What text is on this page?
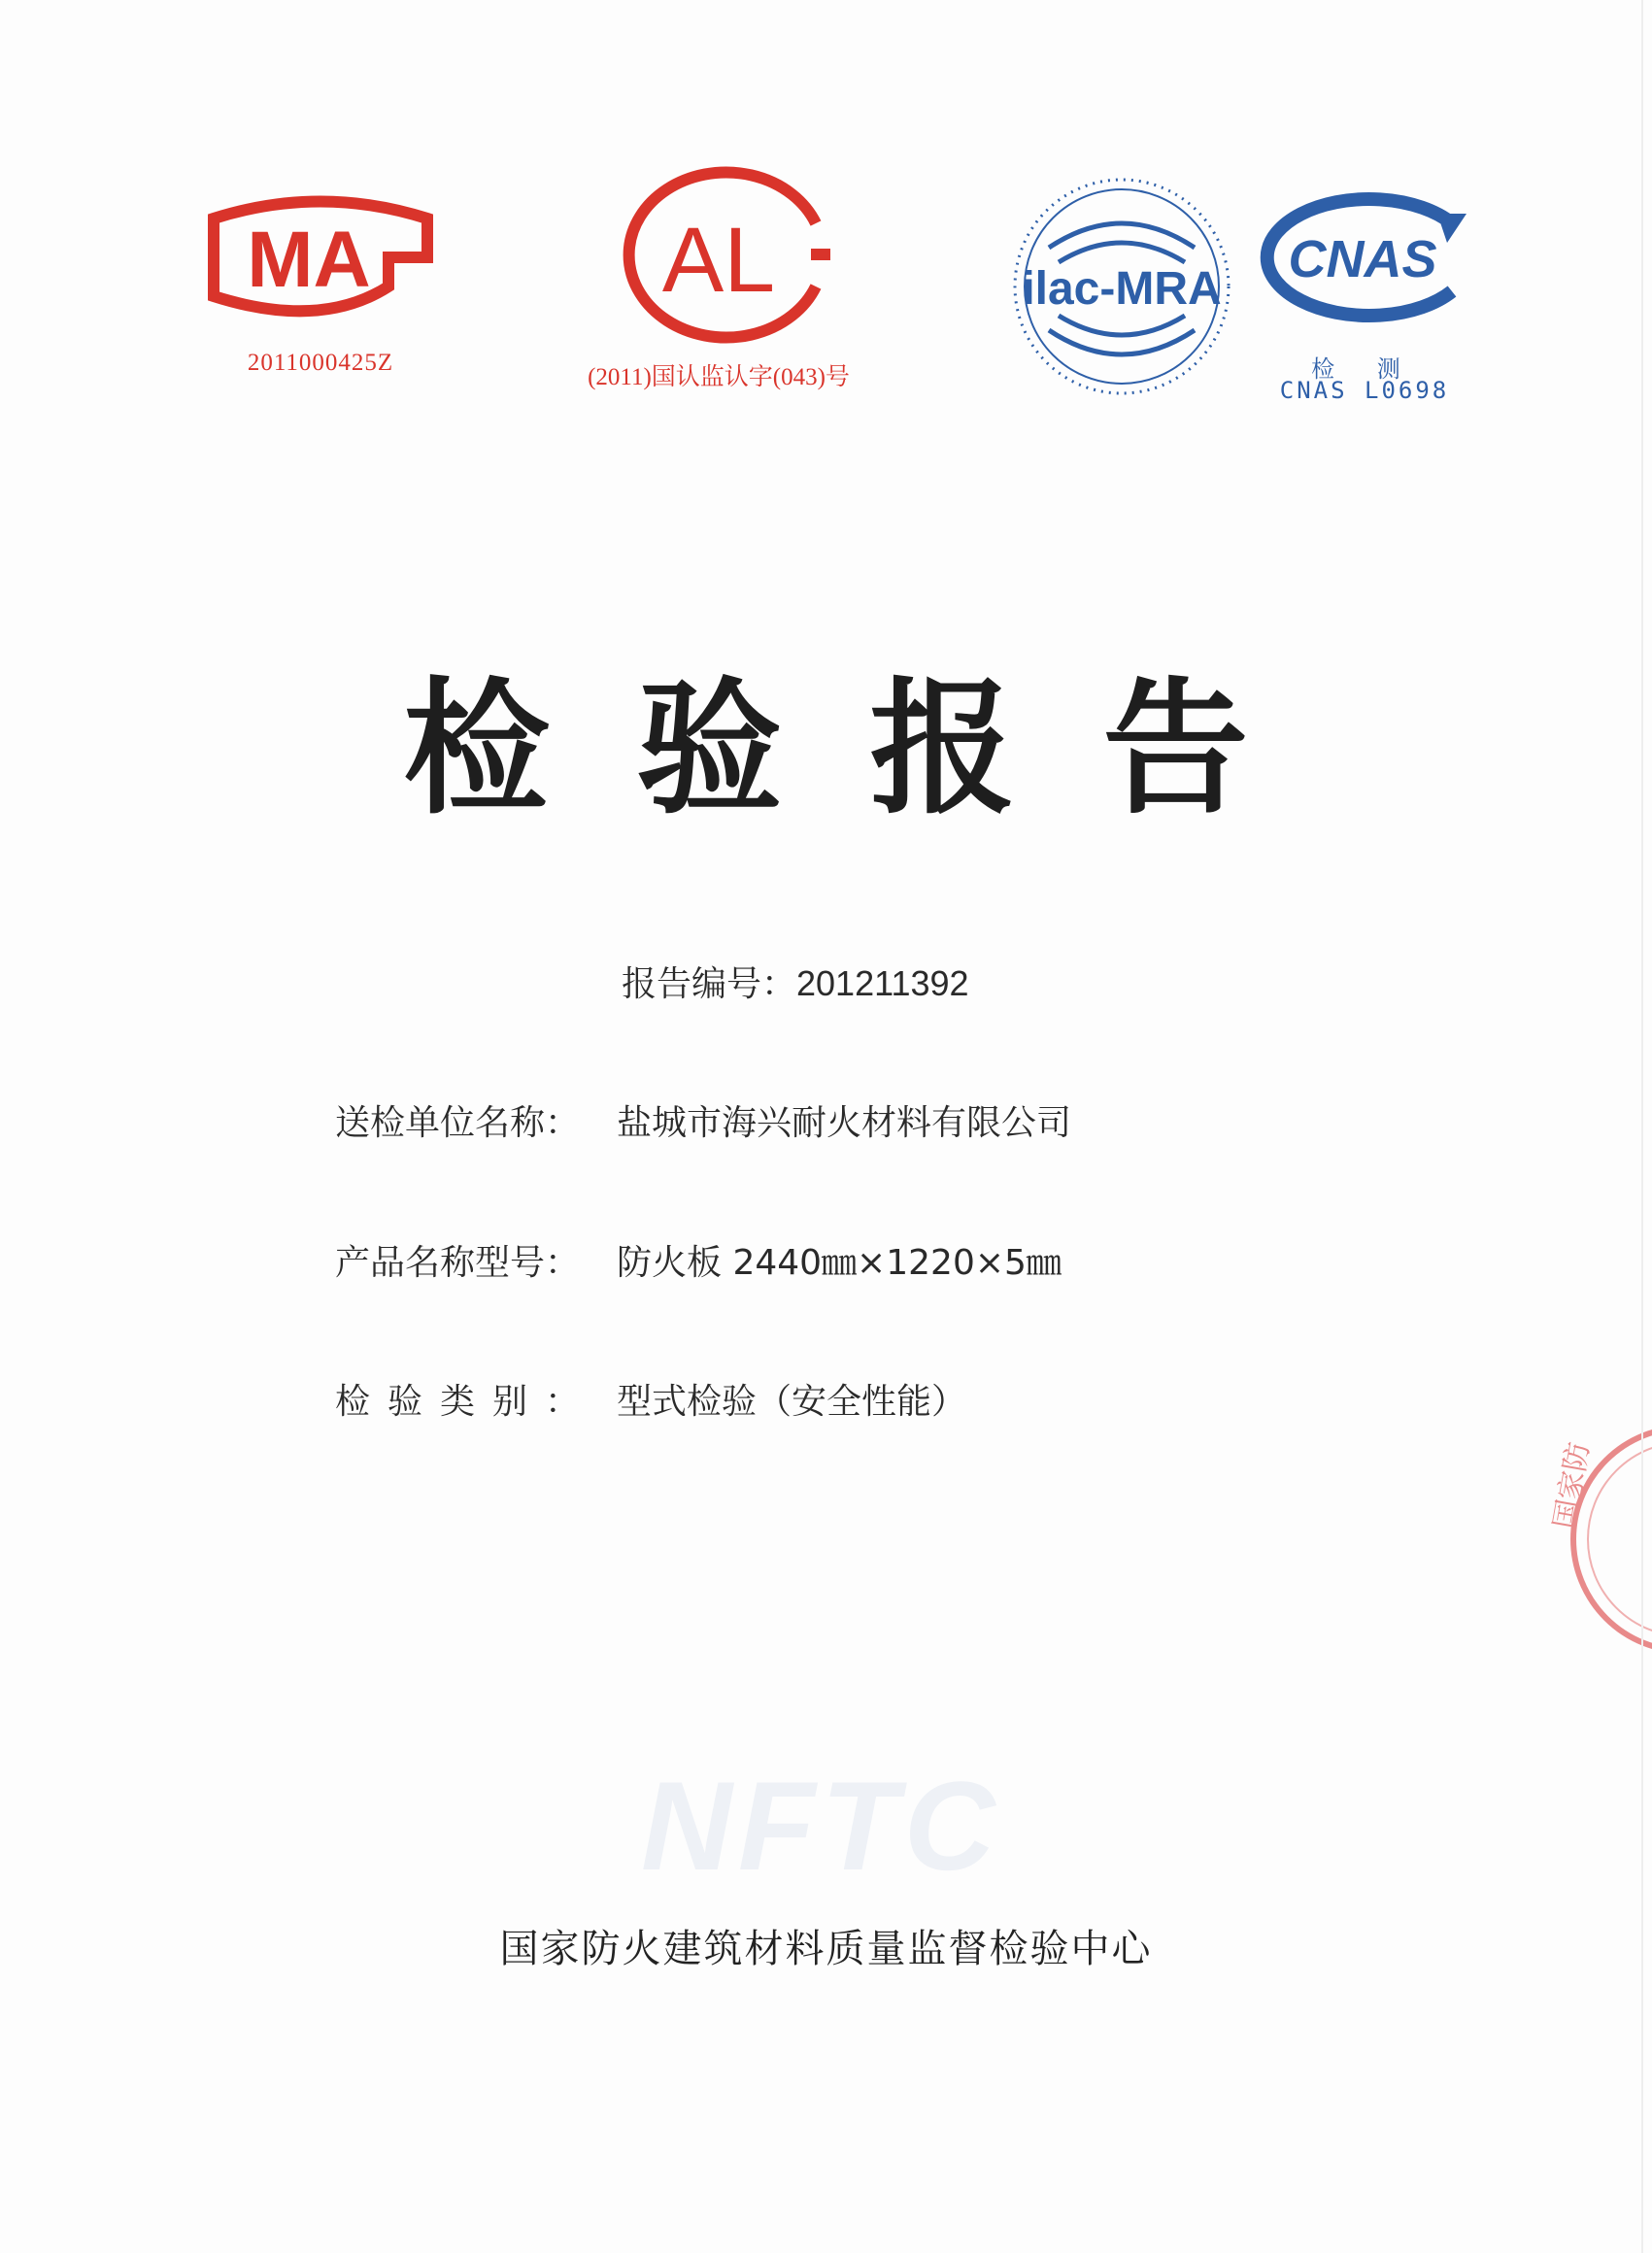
MA
2011000425Z
AL
(2011)国认监认字(043)号
ilac-MRA
CNAS
检 测
CNAS L0698
检验报告
报告编号：201211392
送检单位名称： 盐城市海兴耐火材料有限公司
产品名称型号： 防火板 2440㎜×1220×5㎜
检验类别： 型式检验（安全性能）
NFTC
国家防火建筑材料质量监督检验中心
国家防
